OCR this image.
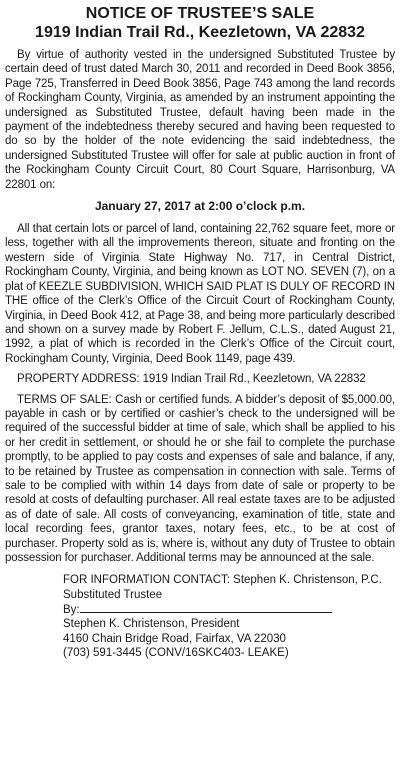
NOTICE OF TRUSTEE’S SALE
1919 Indian Trail Rd., Keezletown, VA 22832

By virtue of authority vested in the undersigned Substituted Trustee by certain deed of trust dated March 30, 2011 and recorded in Deed Book 3856, Page 725, Transferred in Deed Book 3856, Page 743 among the land records of Rockingham County, Virginia, as amended by an instrument appointing the undersigned as Substituted Trustee, default having been made in the payment of the indebtedness thereby secured and having been requested to do so by the holder of the note evidencing the said indebtedness, the undersigned Substituted Trustee will offer for sale at public auction in front of the Rockingham County Circuit Court, 80 Court Square, Harrisonburg, VA 22801 on:

January 27, 2017 at 2:00 o’clock p.m.

All that certain lots or parcel of land, containing 22,762 square feet, more or less, together with all the improvements thereon, situate and fronting on the western side of Virginia State Highway No. 717, in Central District, Rockingham County, Virginia, and being known as LOT NO. SEVEN (7), on a plat of KEEZLE SUBDIVISION, WHICH SAID PLAT IS DULY OF RECORD IN THE office of the Clerk’s Office of the Circuit Court of Rockingham County, Virginia, in Deed Book 412, at Page 38, and being more particularly described and shown on a survey made by Robert F. Jellum, C.L.S., dated August 21, 1992, a plat of which is recorded in the Clerk’s Office of the Circuit court, Rockingham County, Virginia, Deed Book 1149, page 439.

PROPERTY ADDRESS: 1919 Indian Trail Rd., Keezletown, VA 22832

TERMS OF SALE: Cash or certified funds. A bidder’s deposit of $5,000.00, payable in cash or by certified or cashier’s check to the undersigned will be required of the successful bidder at time of sale, which shall be applied to his or her credit in settlement, or should he or she fail to complete the purchase promptly, to be applied to pay costs and expenses of sale and balance, if any, to be retained by Trustee as compensation in connection with sale. Terms of sale to be complied with within 14 days from date of sale or property to be resold at costs of defaulting purchaser. All real estate taxes are to be adjusted as of date of sale. All costs of conveyancing, examination of title, state and local recording fees, grantor taxes, notary fees, etc., to be at cost of purchaser. Property sold as is, where is, without any duty of Trustee to obtain possession for purchaser. Additional terms may be announced at the sale.

FOR INFORMATION CONTACT: Stephen K. Christenson, P.C.
Substituted Trustee
By:
Stephen K. Christenson, President
4160 Chain Bridge Road, Fairfax, VA 22030
(703) 591-3445 (CONV/16SKC403- LEAKE)
